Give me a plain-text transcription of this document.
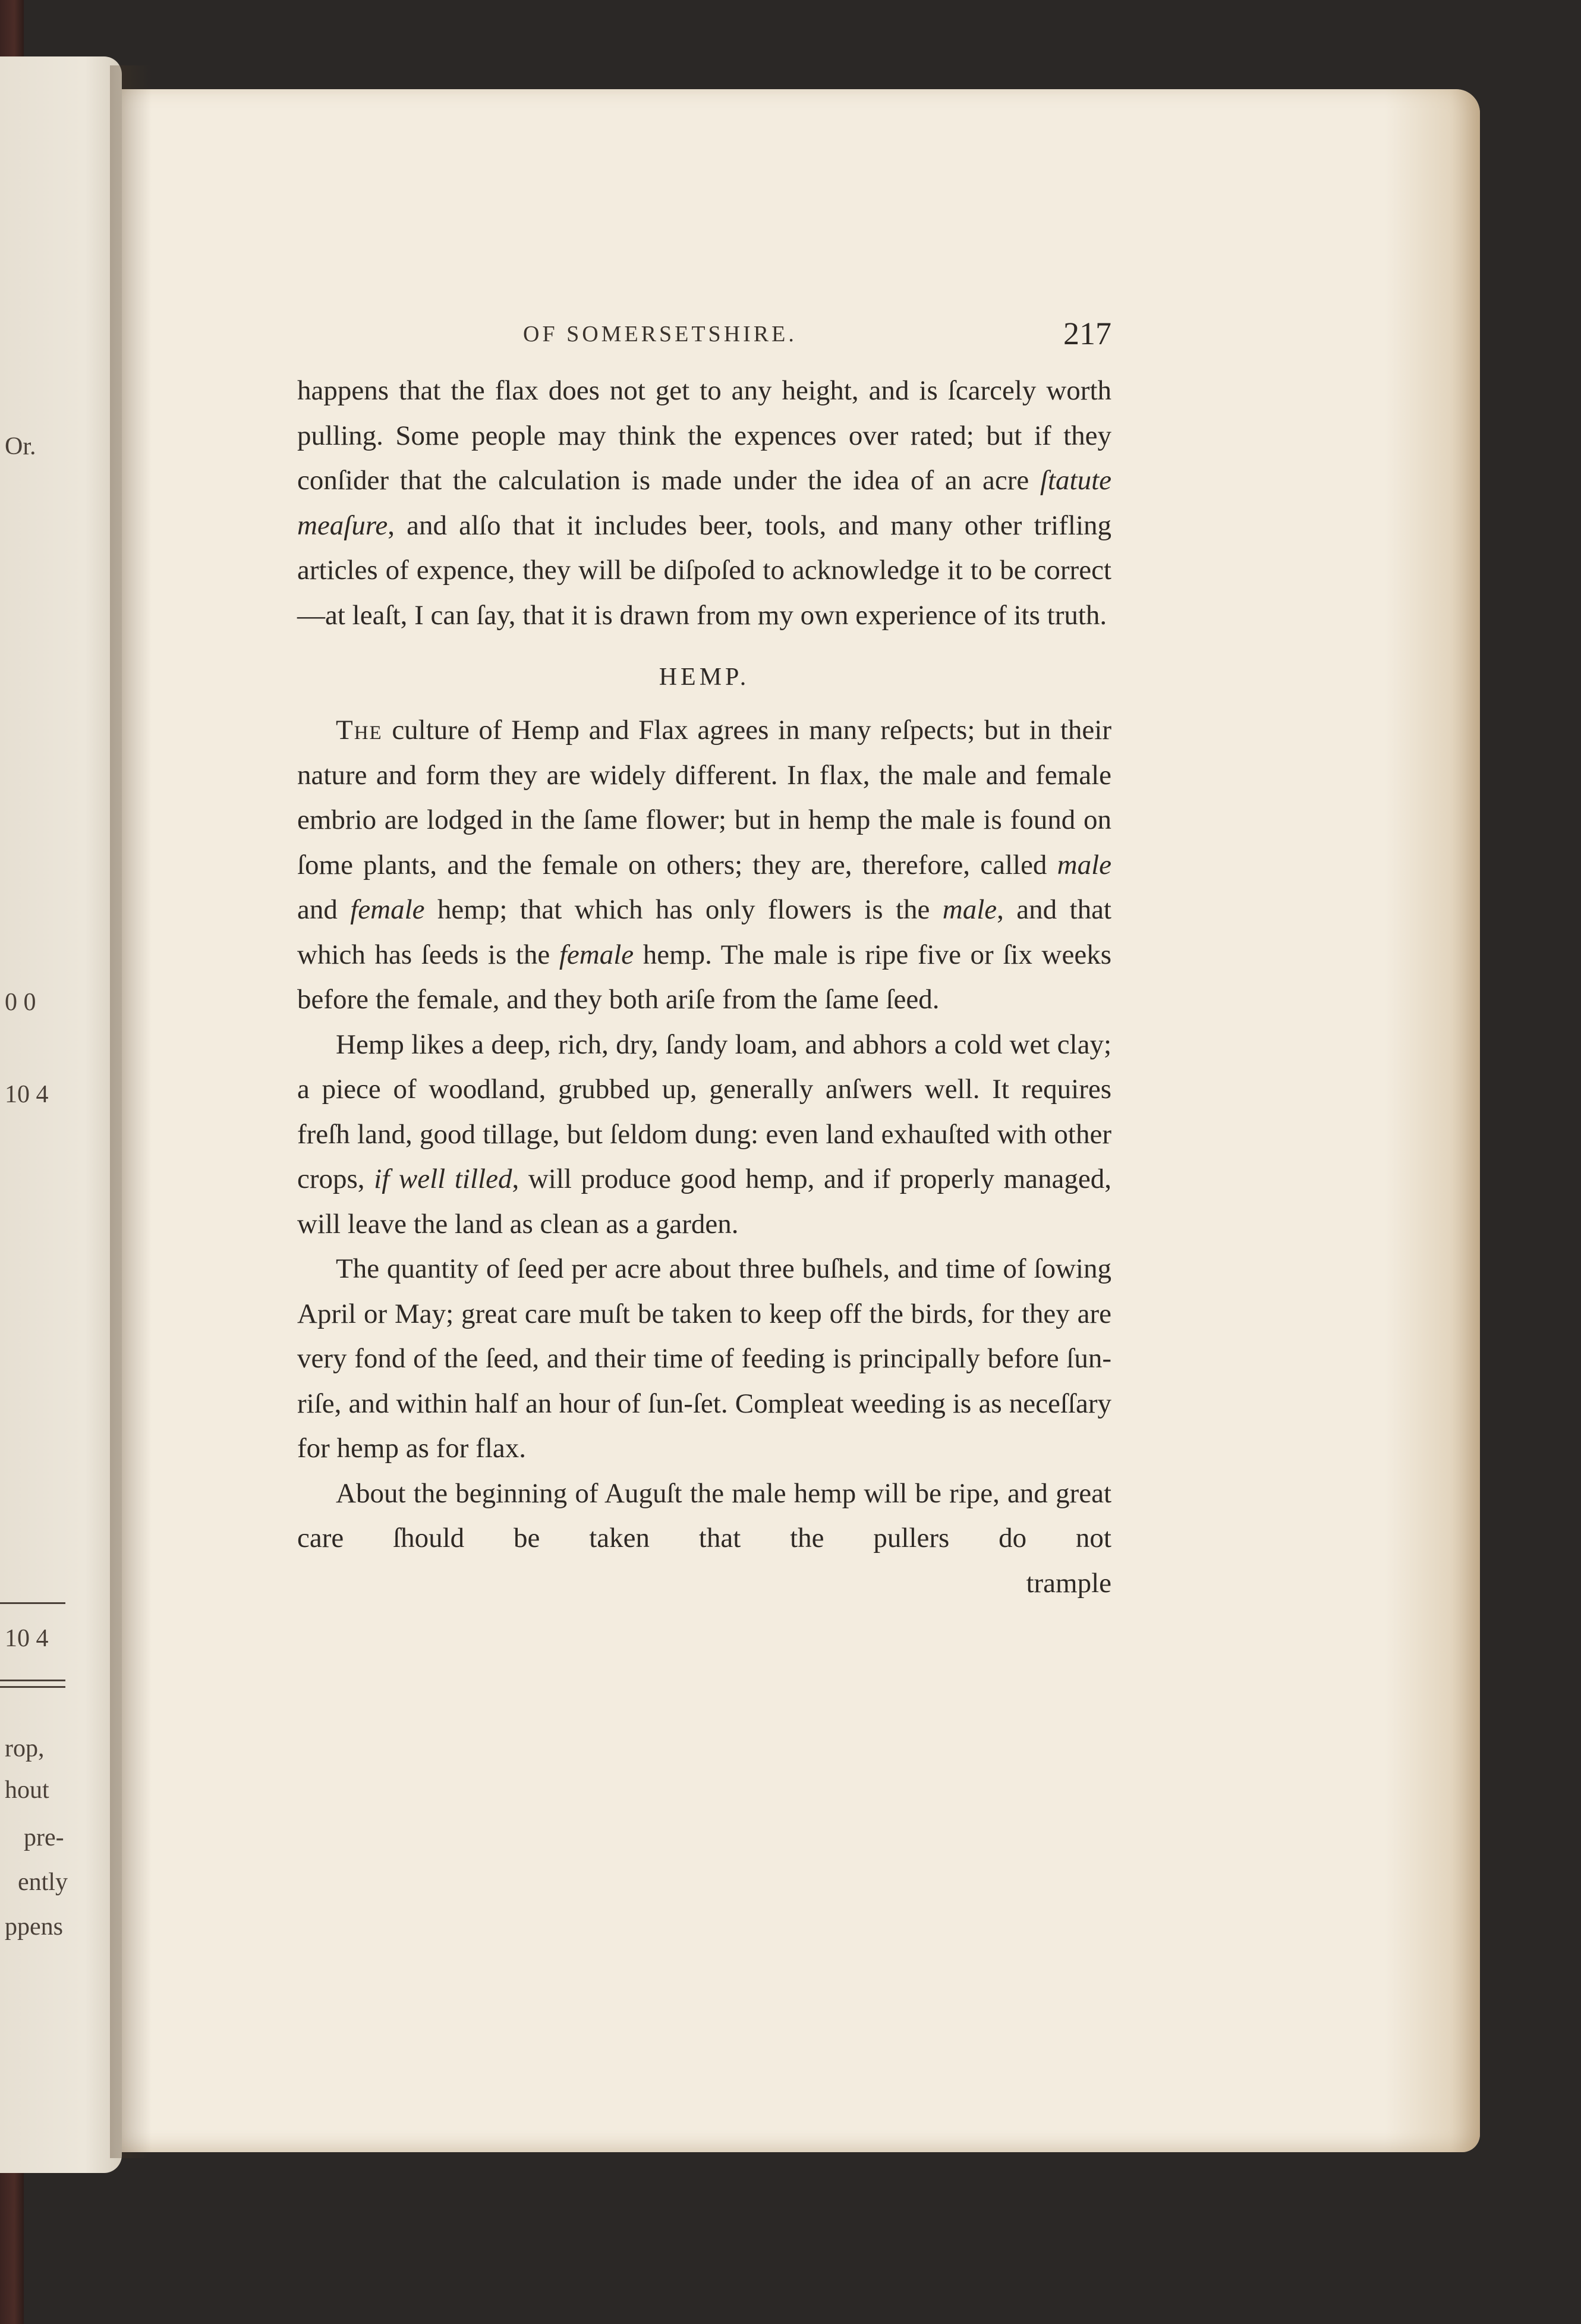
Or.
0 0
10 4
10 4
rop,
hout
pre-
ently
ppens
OF SOMERSETSHIRE.	217

happens that the flax does not get to any height, and is ſcarcely worth pulling. Some people may think the expences over rated; but if they conſider that the calculation is made under the idea of an acre ſtatute meaſure, and alſo that it includes beer, tools, and many other trifling articles of expence, they will be diſpoſed to acknowledge it to be correct—at leaſt, I can ſay, that it is drawn from my own experience of its truth.

HEMP.

The culture of Hemp and Flax agrees in many reſpects; but in their nature and form they are widely different. In flax, the male and female embrio are lodged in the ſame flower; but in hemp the male is found on ſome plants, and the female on others; they are, therefore, called male and female hemp; that which has only flowers is the male, and that which has ſeeds is the female hemp. The male is ripe five or ſix weeks before the female, and they both ariſe from the ſame ſeed.

Hemp likes a deep, rich, dry, ſandy loam, and abhors a cold wet clay; a piece of woodland, grubbed up, generally anſwers well. It requires freſh land, good tillage, but ſeldom dung: even land exhauſted with other crops, if well tilled, will produce good hemp, and if properly managed, will leave the land as clean as a garden.

The quantity of ſeed per acre about three buſhels, and time of ſowing April or May; great care muſt be taken to keep off the birds, for they are very fond of the ſeed, and their time of feeding is principally before ſun-riſe, and within half an hour of ſun-ſet. Compleat weeding is as neceſſary for hemp as for flax.

About the beginning of Auguſt the male hemp will be ripe, and great care ſhould be taken that the pullers do not

trample
